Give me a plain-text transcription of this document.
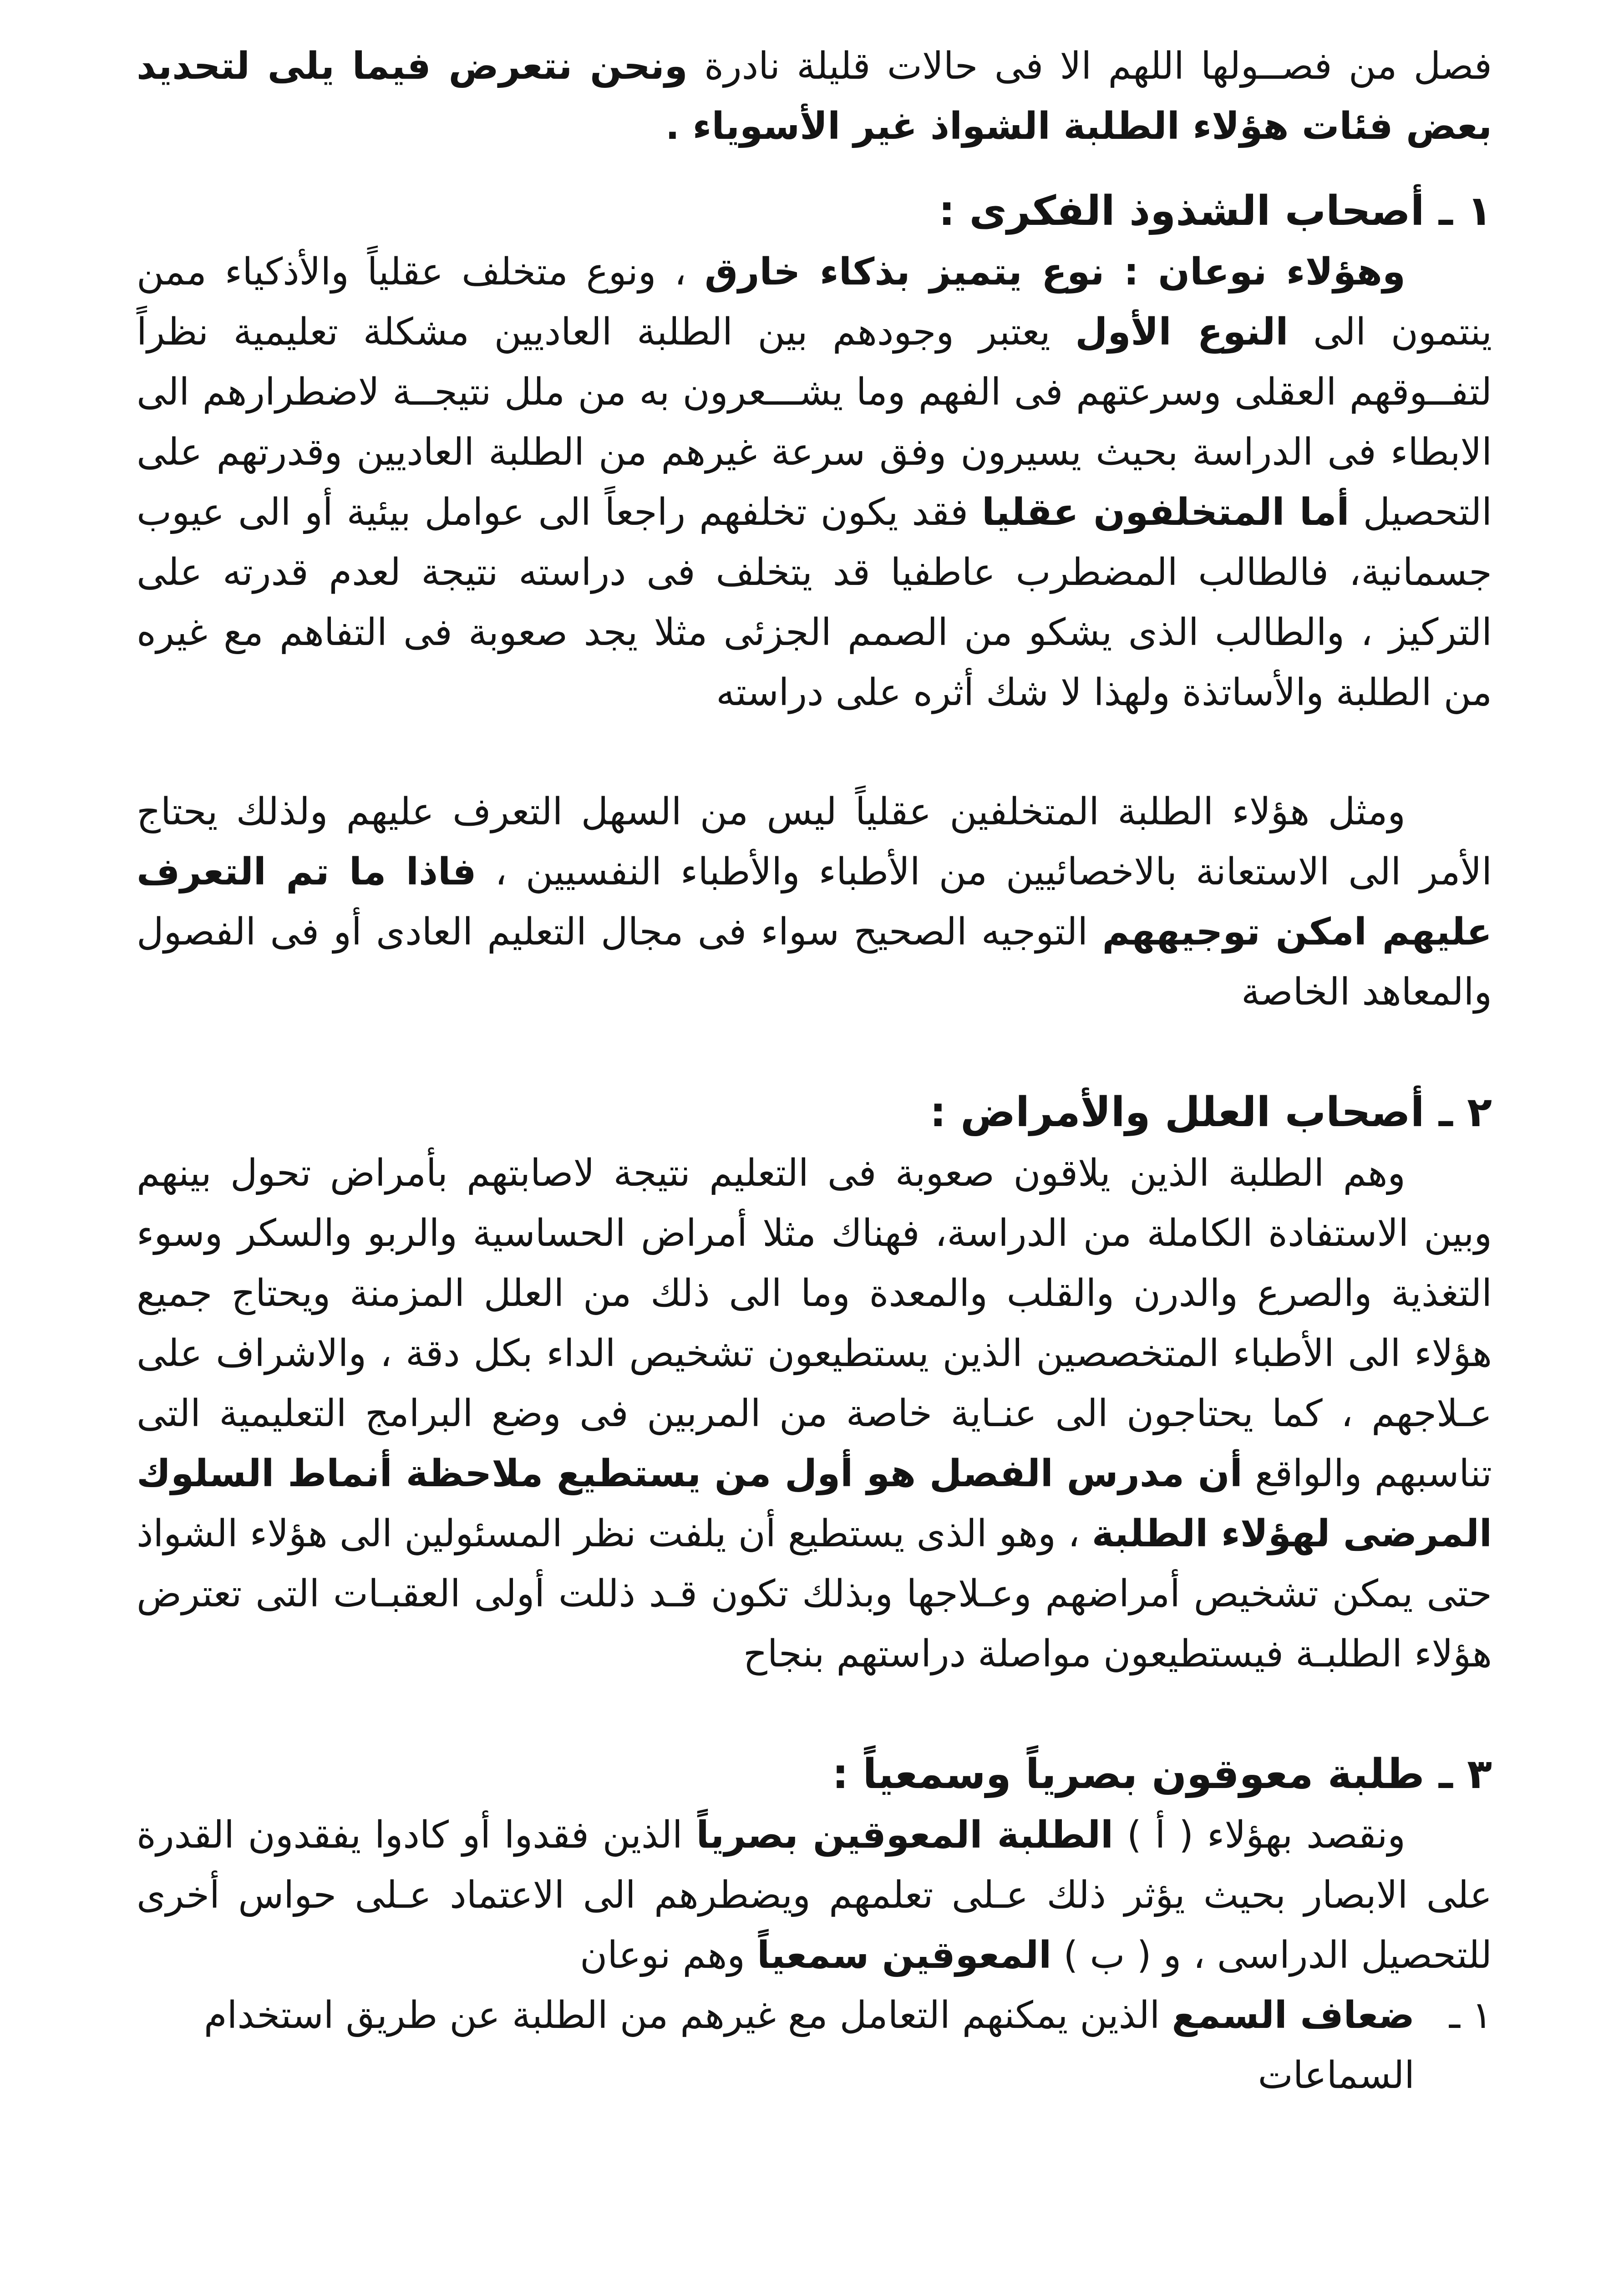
فصل من فصــولها اللهم الا فى حالات قليلة نادرة ونحن نتعرض فيما يلى لتحديد بعض فئات هؤلاء الطلبة الشواذ غير الأسوياء .

١ ـ أصحاب الشذوذ الفكرى :

وهؤلاء نوعان : نوع يتميز بذكاء خارق ، ونوع متخلف عقلياً والأذكياء ممن ينتمون الى النوع الأول يعتبر وجودهم بين الطلبة العاديين مشكلة تعليمية نظراً لتفــوقهم العقلى وسرعتهم فى الفهم وما يشـــعرون به من ملل نتيجــة لاضطرارهم الى الابطاء فى الدراسة بحيث يسيرون وفق سرعة غيرهم من الطلبة العاديين وقدرتهم على التحصيل أما المتخلفون عقليا فقد يكون تخلفهم راجعاً الى عوامل بيئية أو الى عيوب جسمانية، فالطالب المضطرب عاطفيا قد يتخلف فى دراسته نتيجة لعدم قدرته على التركيز ، والطالب الذى يشكو من الصمم الجزئى مثلا يجد صعوبة فى التفاهم مع غيره من الطلبة والأساتذة ولهذا لا شك أثره على دراسته

ومثل هؤلاء الطلبة المتخلفين عقلياً ليس من السهل التعرف عليهم ولذلك يحتاج الأمر الى الاستعانة بالاخصائيين من الأطباء والأطباء النفسيين ، فاذا ما تم التعرف عليهم امكن توجيههم التوجيه الصحيح سواء فى مجال التعليم العادى أو فى الفصول والمعاهد الخاصة

٢ ـ أصحاب العلل والأمراض :

وهم الطلبة الذين يلاقون صعوبة فى التعليم نتيجة لاصابتهم بأمراض تحول بينهم وبين الاستفادة الكاملة من الدراسة، فهناك مثلا أمراض الحساسية والربو والسكر وسوء التغذية والصرع والدرن والقلب والمعدة وما الى ذلك من العلل المزمنة ويحتاج جميع هؤلاء الى الأطباء المتخصصين الذين يستطيعون تشخيص الداء بكل دقة ، والاشراف على عـلاجهم ، كما يحتاجون الى عنـاية خاصة من المربين فى وضع البرامج التعليمية التى تناسبهم والواقع أن مدرس الفصل هو أول من يستطيع ملاحظة أنماط السلوك المرضى لهؤلاء الطلبة ، وهو الذى يستطيع أن يلفت نظر المسئولين الى هؤلاء الشواذ حتى يمكن تشخيص أمراضهم وعـلاجها وبذلك تكون قـد ذللت أولى العقبـات التى تعترض هؤلاء الطلبـة فيستطيعون مواصلة دراستهم بنجاح

٣ ـ طلبة معوقون بصرياً وسمعياً :

ونقصد بهؤلاء ( أ ) الطلبة المعوقين بصرياً الذين فقدوا أو كادوا يفقدون القدرة على الابصار بحيث يؤثر ذلك عـلى تعلمهم ويضطرهم الى الاعتماد عـلى حواس أخرى للتحصيل الدراسى ، و ( ب ) المعوقين سمعياً وهم نوعان

١ ـضعاف السمع الذين يمكنهم التعامل مع غيرهم من الطلبة عن طريق استخدام السماعات
